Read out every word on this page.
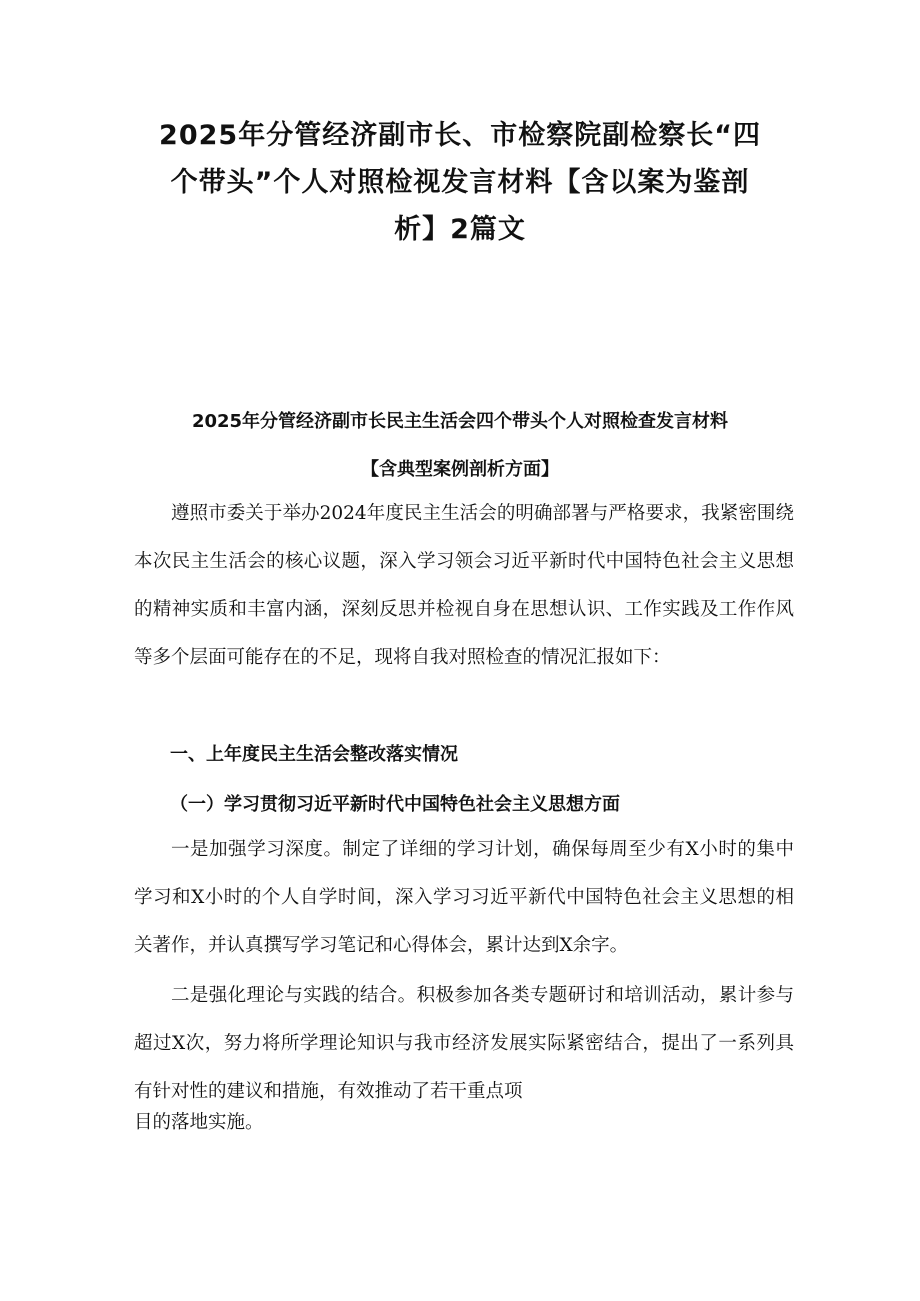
2025年分管经济副市长、市检察院副检察长“四个带头”个人对照检视发言材料【含以案为鉴剖析】2篇文
2025年分管经济副市长民主生活会四个带头个人对照检查发言材料
【含典型案例剖析方面】

遵照市委关于举办2024年度民主生活会的明确部署与严格要求，我紧密围绕本次民主生活会的核心议题，深入学习领会习近平新时代中国特色社会主义思想的精神实质和丰富内涵，深刻反思并检视自身在思想认识、工作实践及工作作风等多个层面可能存在的不足，现将自我对照检查的情况汇报如下：

一、上年度民主生活会整改落实情况
（一）学习贯彻习近平新时代中国特色社会主义思想方面

一是加强学习深度。制定了详细的学习计划，确保每周至少有X小时的集中学习和X小时的个人自学时间，深入学习习近平新代中国特色社会主义思想的相关著作，并认真撰写学习笔记和心得体会，累计达到X余字。

二是强化理论与实践的结合。积极参加各类专题研讨和培训活动，累计参与超过X次，努力将所学理论知识与我市经济发展实际紧密结合，提出了一系列具有针对性的建议和措施，有效推动了若干重点项

目的落地实施。
